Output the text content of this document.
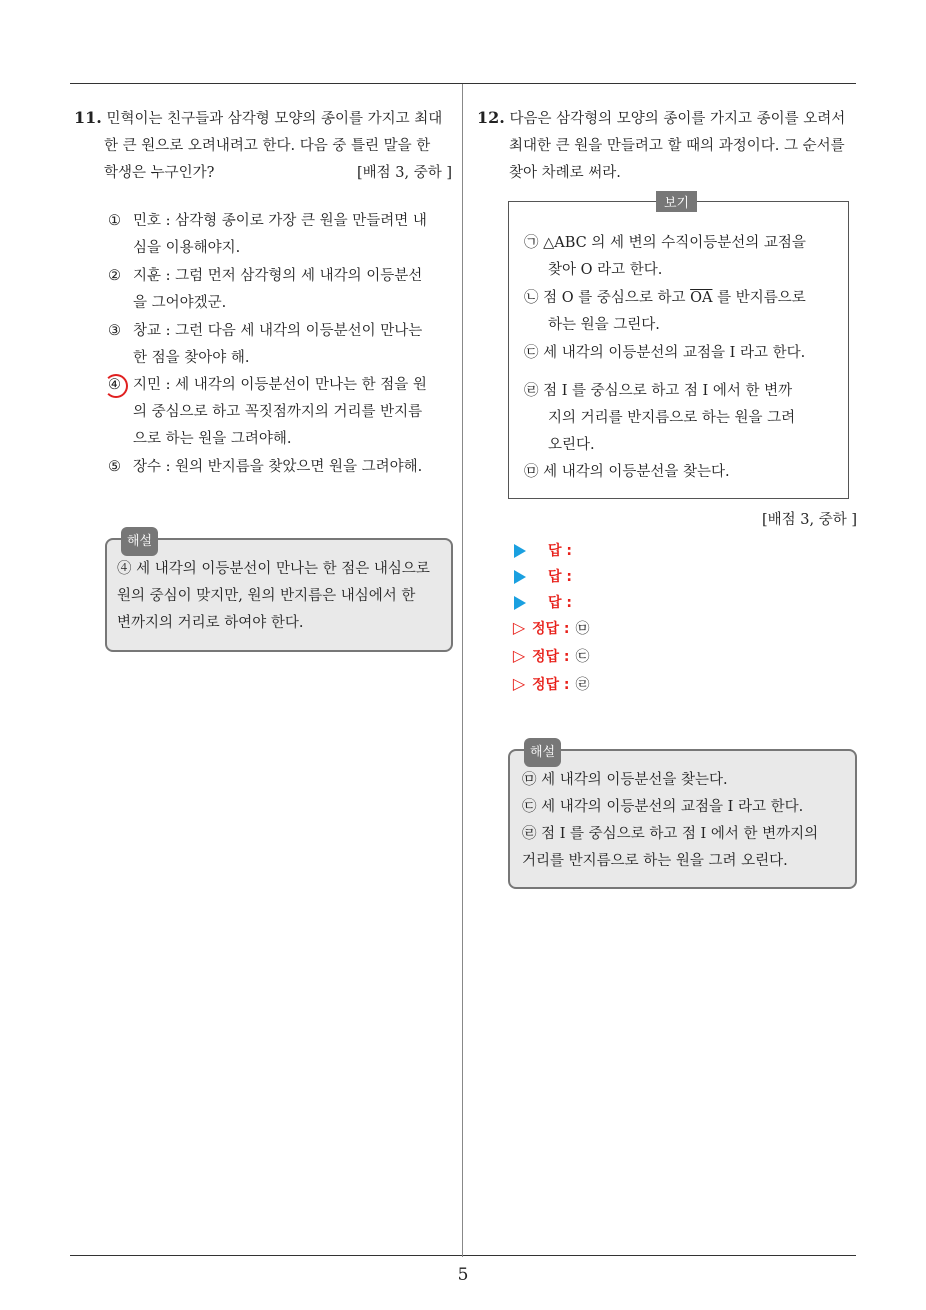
11. 민혁이는 친구들과 삼각형 모양의 종이를 가지고 최대
한 큰 원으로 오려내려고 한다. 다음 중 틀린 말을 한
학생은 누구인가?	[배점 3, 중하 ]
① 민호 : 삼각형 종이로 가장 큰 원을 만들려면 내
심을 이용해야지.
② 지훈 : 그럼 먼저 삼각형의 세 내각의 이등분선
을 그어야겠군.
③ 창교 : 그런 다음 세 내각의 이등분선이 만나는
한 점을 찾아야 해.
④ 지민 : 세 내각의 이등분선이 만나는 한 점을 원
의 중심으로 하고 꼭짓점까지의 거리를 반지름
으로 하는 원을 그려야해.
⑤ 장수 : 원의 반지름을 찾았으면 원을 그려야해.
해설
④ 세 내각의 이등분선이 만나는 한 점은 내심으로
원의 중심이 맞지만, 원의 반지름은 내심에서 한
변까지의 거리로 하여야 한다.
12. 다음은 삼각형의 모양의 종이를 가지고 종이를 오려서
최대한 큰 원을 만들려고 할 때의 과정이다. 그 순서를
찾아 차례로 써라.
보기
㉠ △ABC 의 세 변의 수직이등분선의 교점을
찾아 O 라고 한다.
㉡ 점 O 를 중심으로 하고 $\overline{OA}$ 를 반지름으로
하는 원을 그린다.
㉢ 세 내각의 이등분선의 교점을 I 라고 한다.
㉣ 점 I 를 중심으로 하고 점 I 에서 한 변까
지의 거리를 반지름으로 하는 원을 그려
오린다.
㉤ 세 내각의 이등분선을 찾는다.
[배점 3, 중하 ]
답 :
답 :
답 :
▷ 정답 : ㉤
▷ 정답 : ㉢
▷ 정답 : ㉣
해설
㉤ 세 내각의 이등분선을 찾는다.
㉢ 세 내각의 이등분선의 교점을 I 라고 한다.
㉣ 점 I 를 중심으로 하고 점 I 에서 한 변까지의
거리를 반지름으로 하는 원을 그려 오린다.
5
